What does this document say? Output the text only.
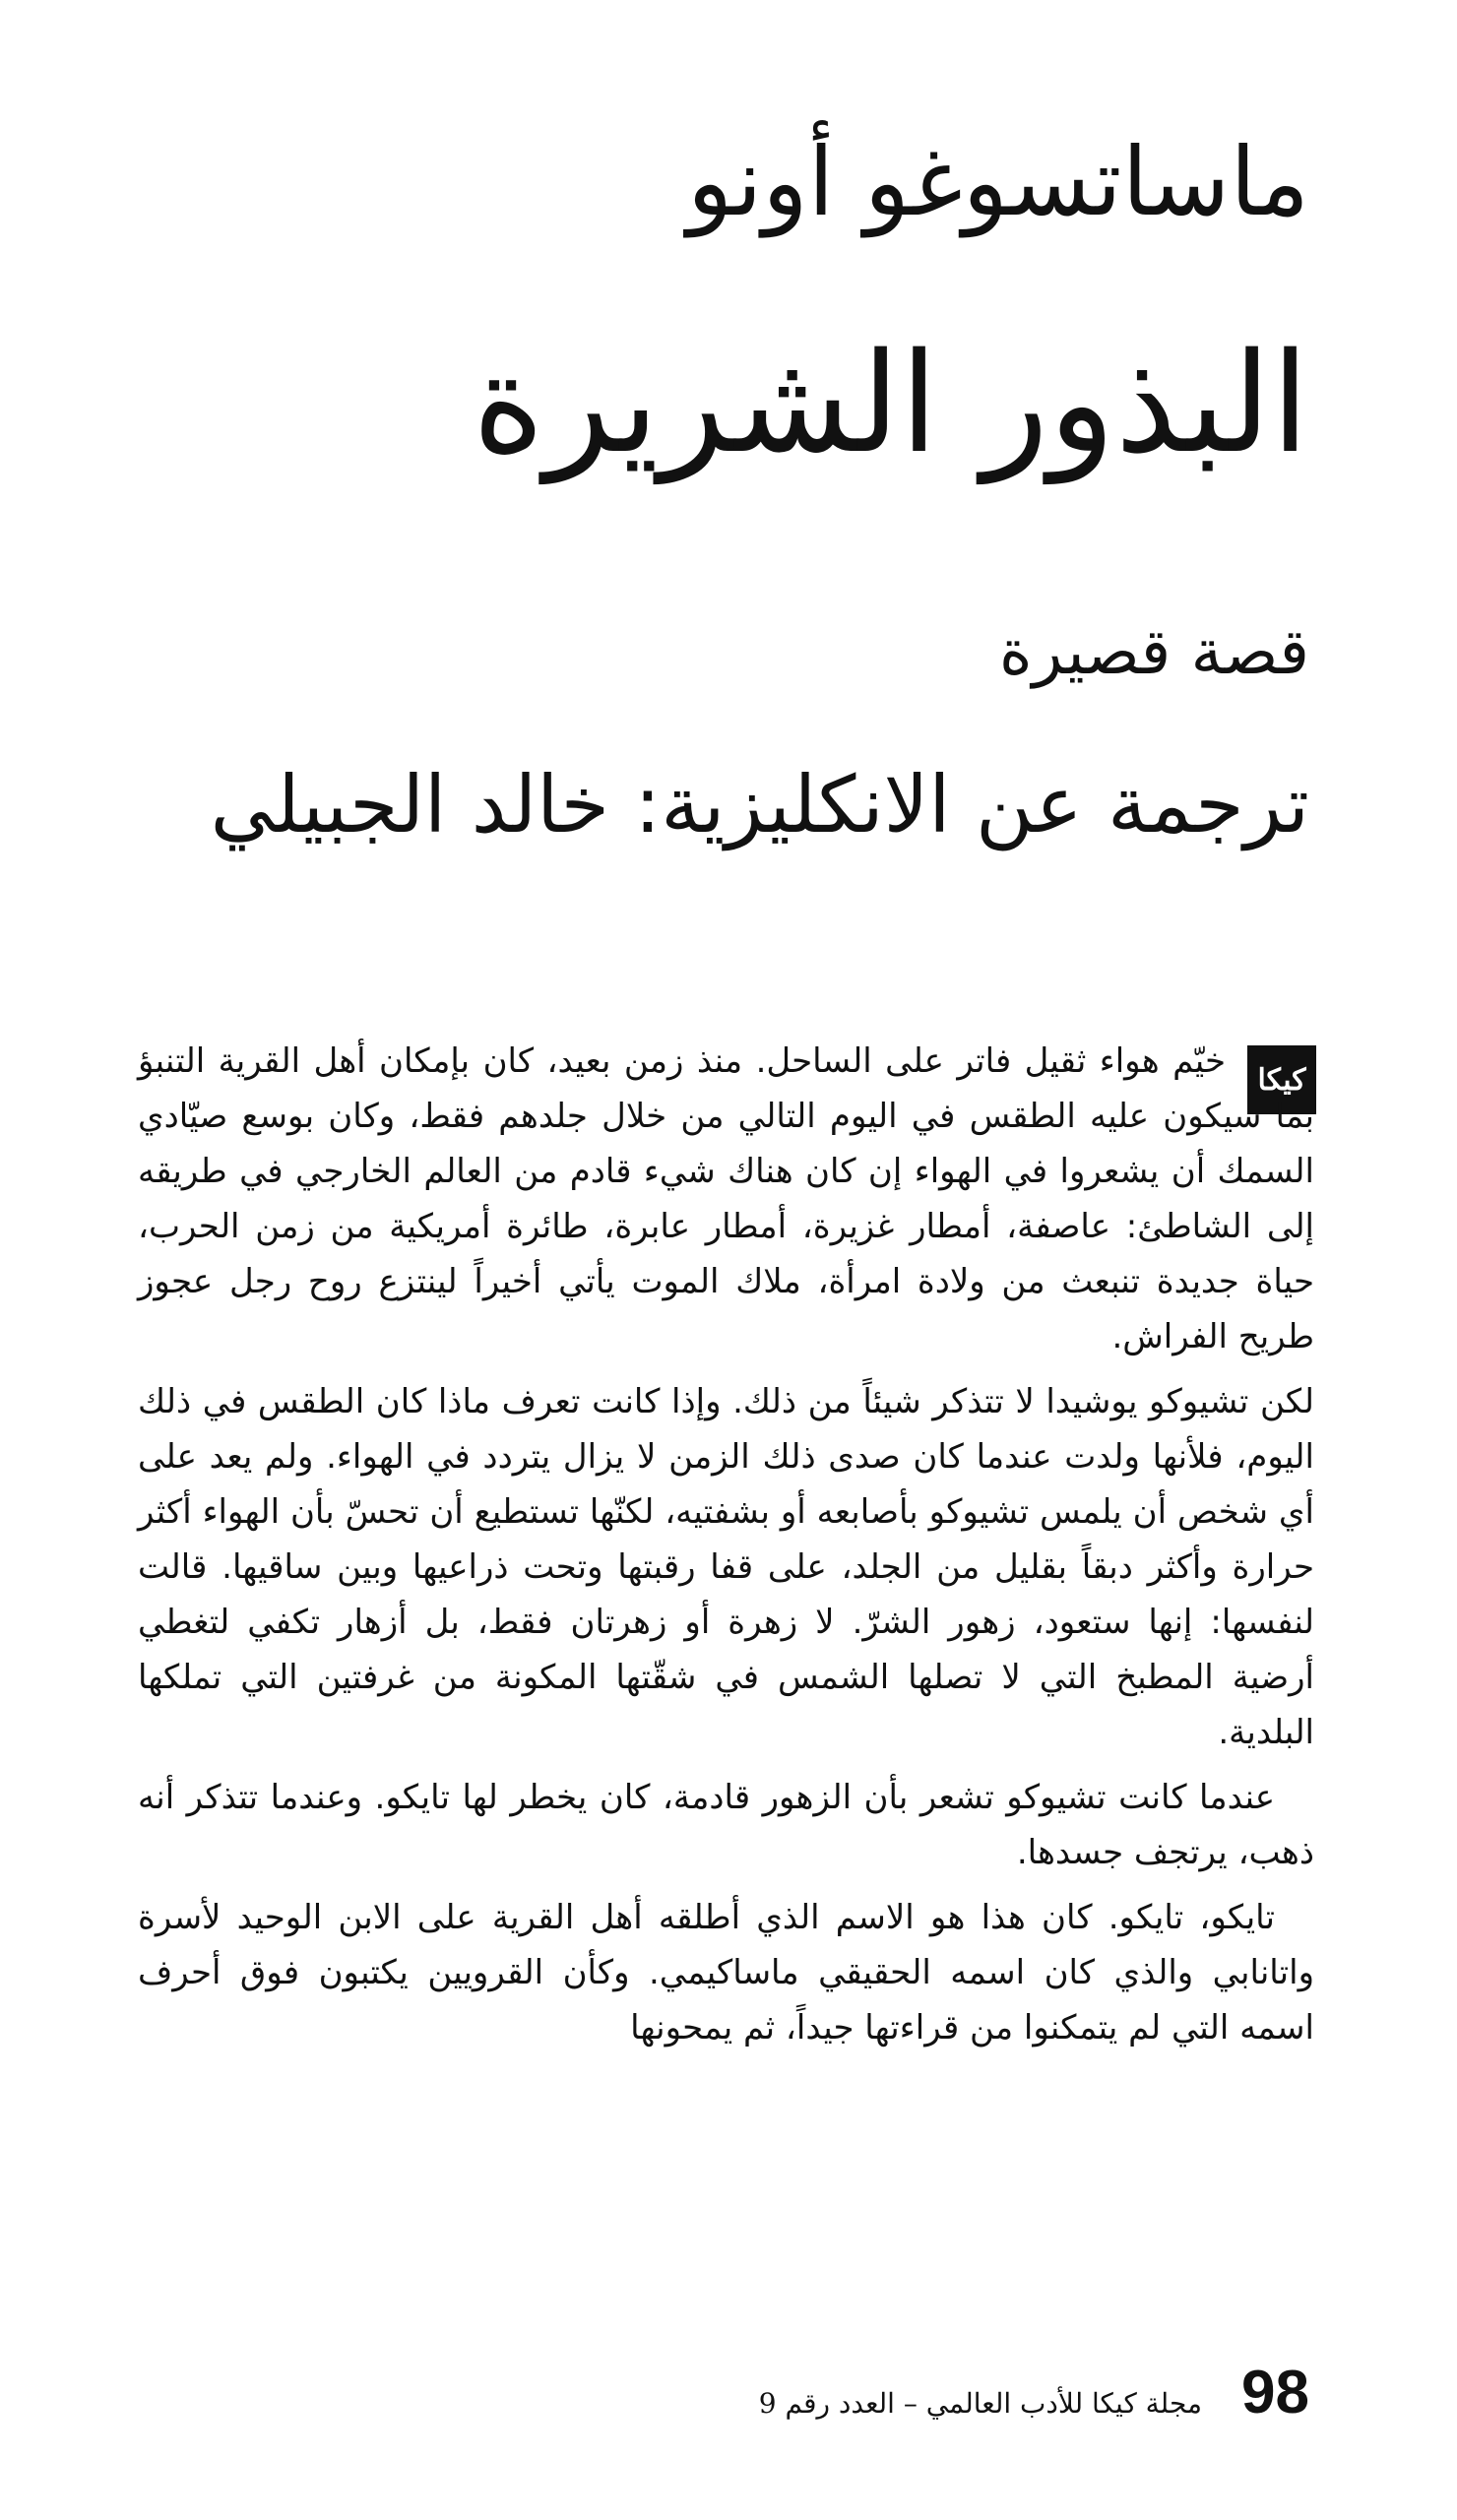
ماساتسوغو أونو
البذور الشريرة
قصة قصيرة
ترجمة عن الانكليزية: خالد الجبيلي
كيكا

خيّم هواء ثقيل فاتر على الساحل. منذ زمن بعيد، كان بإمكان أهل القرية التنبؤ بما سيكون عليه الطقس في اليوم التالي من خلال جلدهم فقط، وكان بوسع صيّادي السمك أن يشعروا في الهواء إن كان هناك شيء قادم من العالم الخارجي في طريقه إلى الشاطئ: عاصفة، أمطار غزيرة، أمطار عابرة، طائرة أمريكية من زمن الحرب، حياة جديدة تنبعث من ولادة امرأة، ملاك الموت يأتي أخيراً لينتزع روح رجل عجوز طريح الفراش.

لكن تشيوكو يوشيدا لا تتذكر شيئاً من ذلك. وإذا كانت تعرف ماذا كان الطقس في ذلك اليوم، فلأنها ولدت عندما كان صدى ذلك الزمن لا يزال يتردد في الهواء. ولم يعد على أي شخص أن يلمس تشيوكو بأصابعه أو بشفتيه، لكنّها تستطيع أن تحسّ بأن الهواء أكثر حرارة وأكثر دبقاً بقليل من الجلد، على قفا رقبتها وتحت ذراعيها وبين ساقيها. قالت لنفسها: إنها ستعود، زهور الشرّ. لا زهرة أو زهرتان فقط، بل أزهار تكفي لتغطي أرضية المطبخ التي لا تصلها الشمس في شقّتها المكونة من غرفتين التي تملكها البلدية.

عندما كانت تشيوكو تشعر بأن الزهور قادمة، كان يخطر لها تايكو. وعندما تتذكر أنه ذهب، يرتجف جسدها.

تايكو، تايكو. كان هذا هو الاسم الذي أطلقه أهل القرية على الابن الوحيد لأسرة واتانابي والذي كان اسمه الحقيقي ماساكيمي. وكأن القرويين يكتبون فوق أحرف اسمه التي لم يتمكنوا من قراءتها جيداً، ثم يمحونها

98
مجلة كيكا للأدب العالمي – العدد رقم 9
